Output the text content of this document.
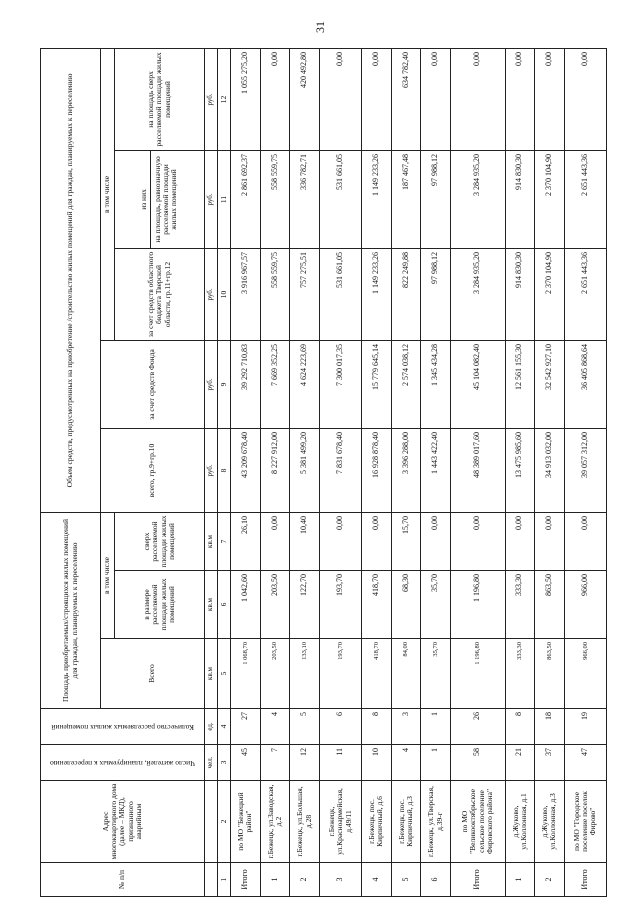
31
№ п/п	Адрес многоквартирного дома (далее – МКД), признанного аварийным	Число жителей, планируемых к переселению	Количество расселяемых жилых помещений	Площадь приобретаемых/строящихся жилых помещений для граждан, планируемых к переселению			Объем средств, предусмотренных на приобретение /строительство жилых помещений для граждан, планируемых к переселению				
				Всего	в том числе		всего, гр.9+гр.10	за счет средств Фонда	в том числе		
					в размере расселяемой площади жилых помещений	сверх расселяемой площади жилых помещений			за счет средств областного бюджета Тверской области, гр.11+гр.12	из них на площадь, равнозначную расселяемой площади жилых помещений	на площадь сверх расселяемой площади жилых помещений
		чел.	ед.	кв.м	кв.м	кв.м	руб.	руб.	руб.	руб.	руб.
1	2	3	4	5	6	7	8	9	10	11	12
Итого	по МО "Бежецкий район"	45	27	1 068,70	1 042,60	26,10	43 209 678,40	39 292 710,83	3 916 967,57	2 861 692,37	1 055 275,20
1	г.Бежецк, ул.Заводская, д.2	7	4	203,50	203,50	0,00	8 227 912,00	7 669 352,25	558 559,75	558 559,75	0,00
2	г.Бежецк, ул.Большая, д.28	12	5	133,10	122,70	10,40	5 381 499,20	4 624 223,69	757 275,51	336 782,71	420 492,80
3	г.Бежецк, ул.Красноармейская, д.49/11	11	6	193,70	193,70	0,00	7 831 678,40	7 300 017,35	531 661,05	531 661,05	0,00
4	г.Бежецк, пос. Кирпичный, д.6	10	8	418,70	418,70	0,00	16 928 878,40	15 779 645,14	1 149 233,26	1 149 233,26	0,00
5	г.Бежецк, пос. Кирпичный, д.3	4	3	84,00	68,30	15,70	3 396 288,00	2 574 038,12	822 249,88	187 467,48	634 782,40
6	г.Бежецк, ул.Тверская, д.39-г	1	1	35,70	35,70	0,00	1 443 422,40	1 345 434,28	97 988,12	97 988,12	0,00
Итого	по МО "Великооктябрьское сельское поселение Фировского района"	58	26	1 196,80	1 196,80	0,00	48 389 017,60	45 104 082,40	3 284 935,20	3 284 935,20	0,00
1	д.Жуково, ул.Коллонная, д.1	21	8	333,30	333,30	0,00	13 475 985,60	12 561 155,30	914 830,30	914 830,30	0,00
2	д.Жуково, ул.Коллонная, д.3	37	18	863,50	863,50	0,00	34 913 032,00	32 542 927,10	2 370 104,90	2 370 104,90	0,00
Итого	по МО "Городское поселение поселок Фирово"	47	19	966,00	966,00	0,00	39 057 312,00	36 405 868,64	2 651 443,36	2 651 443,36	0,00
